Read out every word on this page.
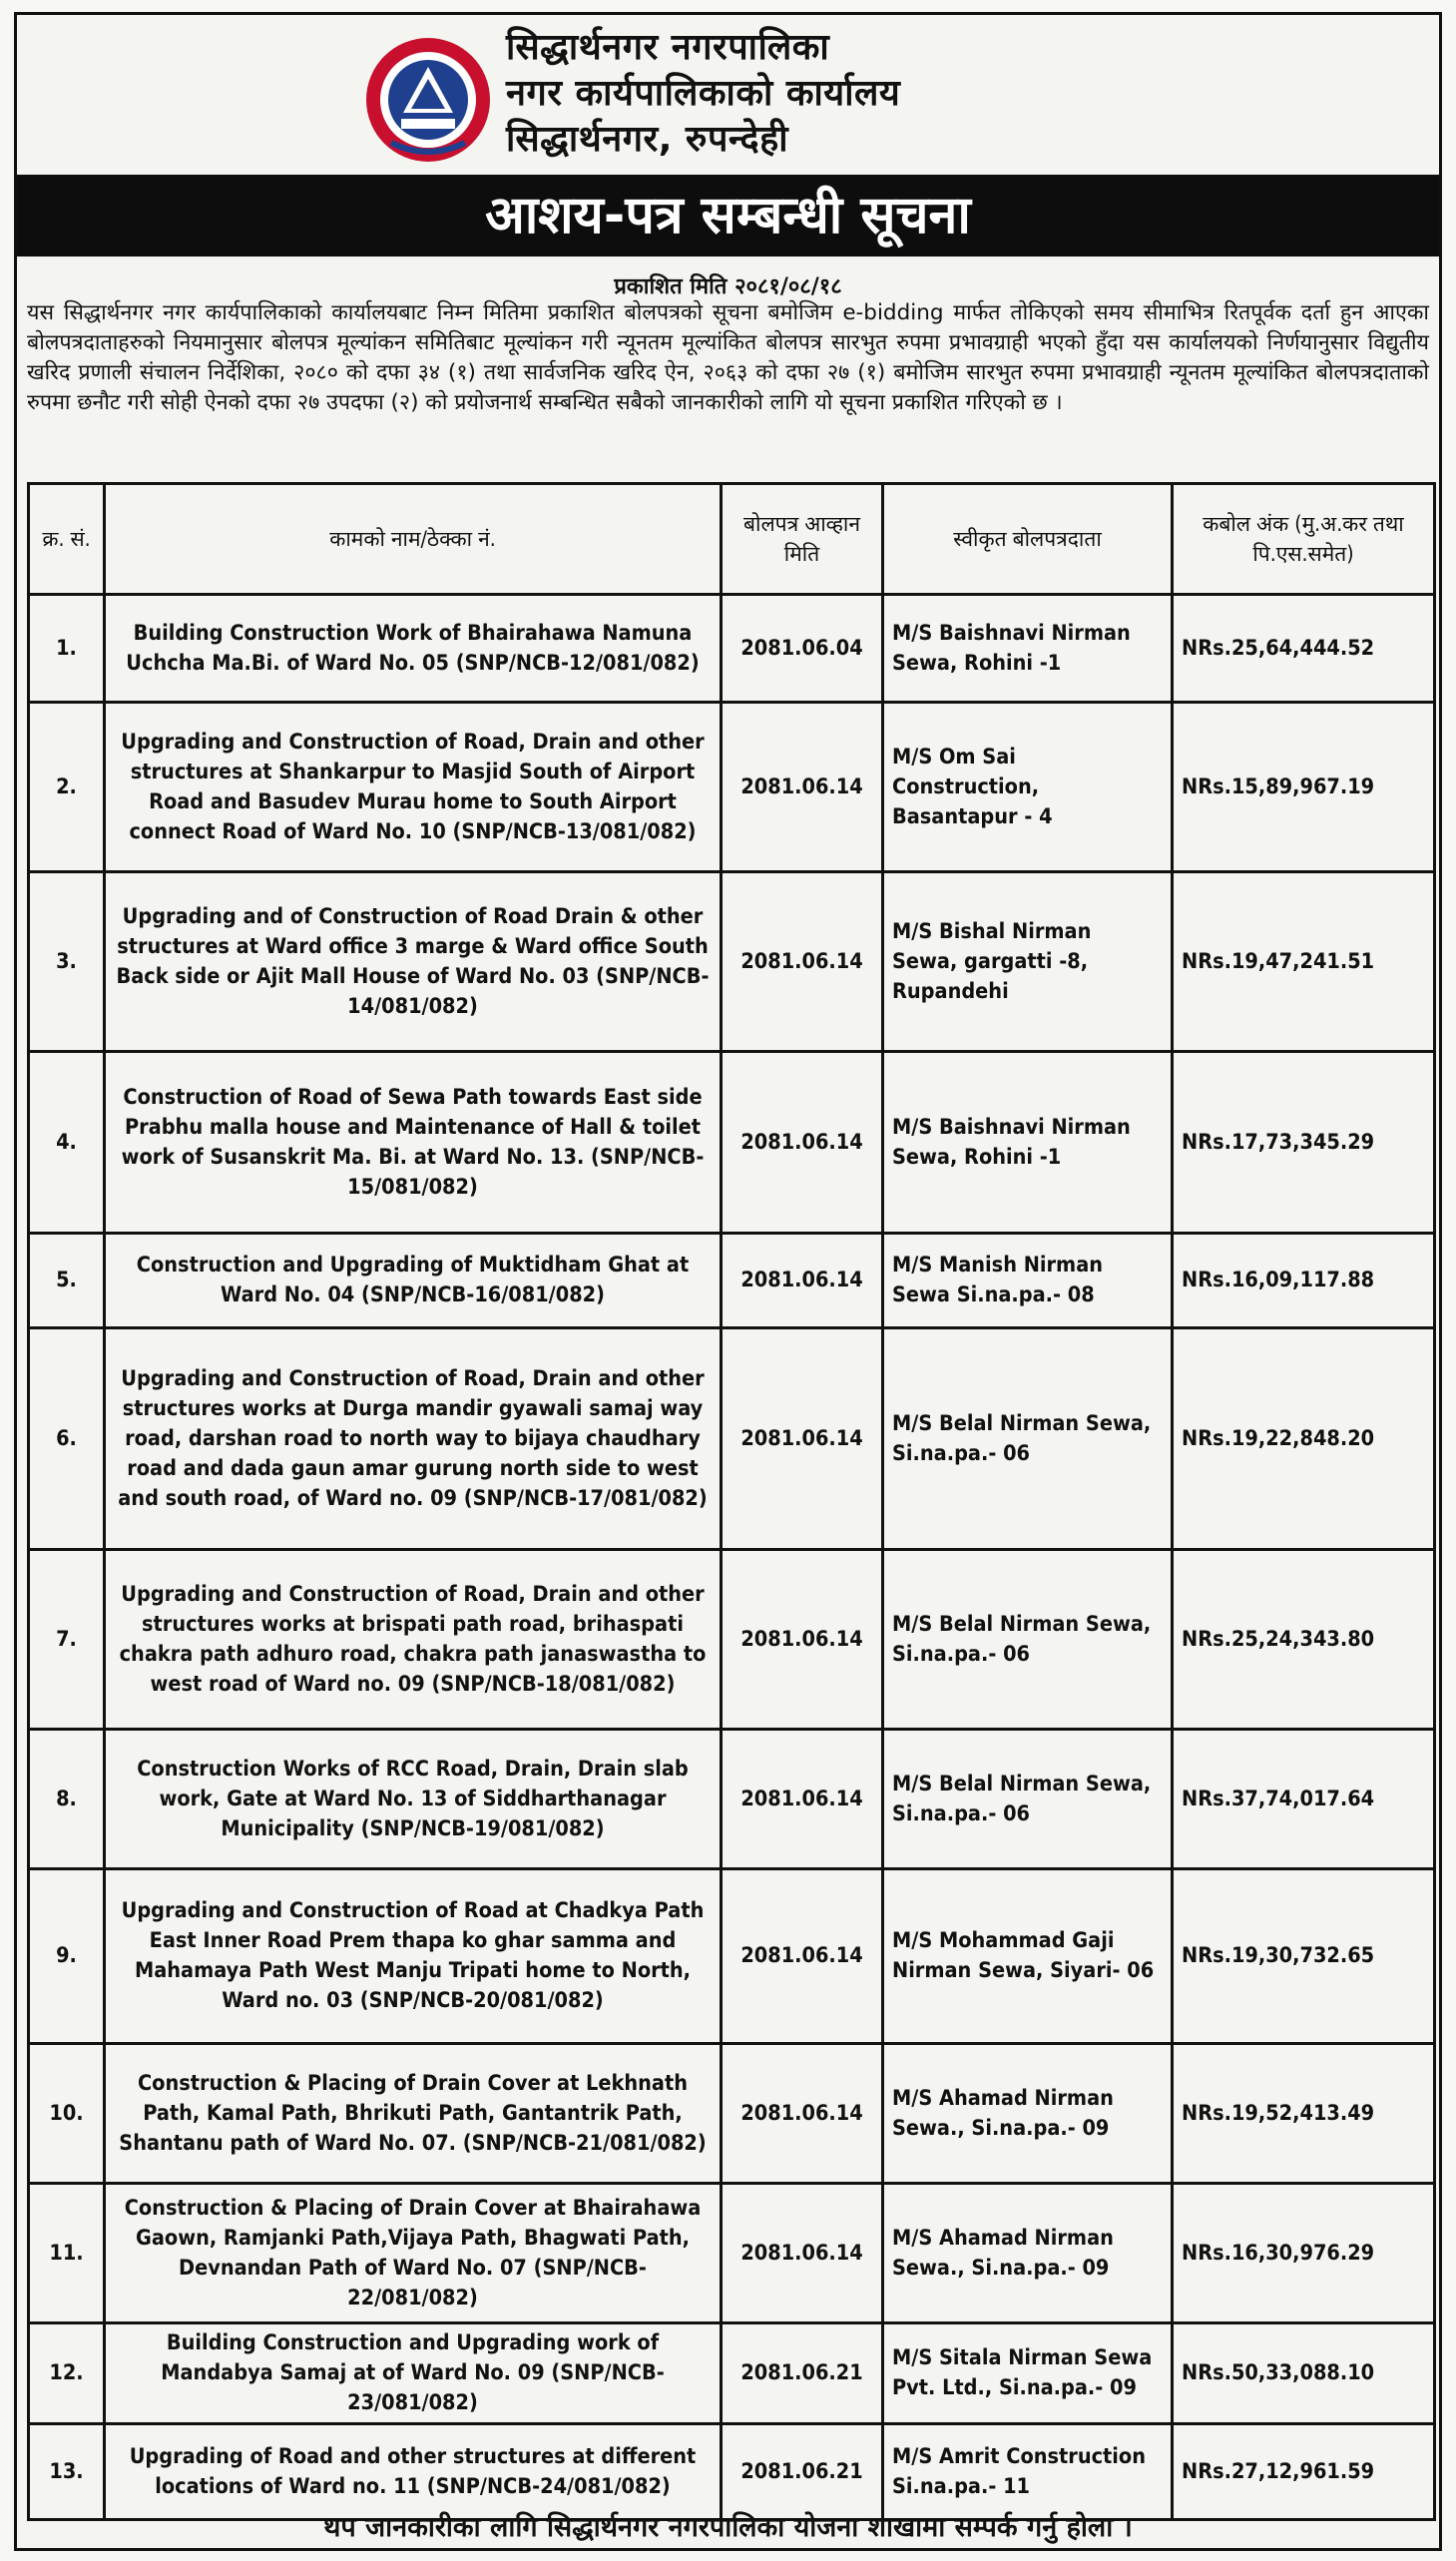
सिद्धार्थनगर नगरपालिका
नगर कार्यपालिकाको कार्यालय
सिद्धार्थनगर, रुपन्देही
आशय-पत्र सम्बन्धी सूचना
प्रकाशित मिति २०८१/०८/१८
यस सिद्धार्थनगर नगर कार्यपालिकाको कार्यालयबाट निम्न मितिमा प्रकाशित बोलपत्रको सूचना बमोजिम e-bidding मार्फत तोकिएको समय सीमाभित्र रितपूर्वक दर्ता हुन आएका बोलपत्रदाताहरुको नियमानुसार बोलपत्र मूल्यांकन समितिबाट मूल्यांकन गरी न्यूनतम मूल्यांकित बोलपत्र सारभुत रुपमा प्रभावग्राही भएको हुँदा यस कार्यालयको निर्णयानुसार विद्युतीय खरिद प्रणाली संचालन निर्देशिका, २०८० को दफा ३४ (१) तथा सार्वजनिक खरिद ऐन, २०६३ को दफा २७ (१) बमोजिम सारभुत रुपमा प्रभावग्राही न्यूनतम मूल्यांकित बोलपत्रदाताको रुपमा छनौट गरी सोही ऐनको दफा २७ उपदफा (२) को प्रयोजनार्थ सम्बन्धित सबैको जानकारीको लागि यो सूचना प्रकाशित गरिएको छ ।
क्र. सं.	कामको नाम/ठेक्का नं.	बोलपत्र आव्हान मिति	स्वीकृत बोलपत्रदाता	कबोल अंक (मु.अ.कर तथा पि.एस.समेत)
1.	Building Construction Work of Bhairahawa Namuna Uchcha Ma.Bi. of Ward No. 05 (SNP/NCB-12/081/082)	2081.06.04	M/S Baishnavi Nirman Sewa, Rohini -1	NRs.25,64,444.52
2.	Upgrading and Construction of Road, Drain and other structures at Shankarpur to Masjid South of Airport Road and Basudev Murau home to South Airport connect Road of Ward No. 10 (SNP/NCB-13/081/082)	2081.06.14	M/S Om Sai Construction, Basantapur - 4	NRs.15,89,967.19
3.	Upgrading and of Construction of Road Drain & other structures at Ward office 3 marge & Ward office South Back side or Ajit Mall House of Ward No. 03 (SNP/NCB-14/081/082)	2081.06.14	M/S Bishal Nirman Sewa, gargatti -8, Rupandehi	NRs.19,47,241.51
4.	Construction of Road of Sewa Path towards East side Prabhu malla house and Maintenance of Hall & toilet work of Susanskrit Ma. Bi. at Ward No. 13. (SNP/NCB-15/081/082)	2081.06.14	M/S Baishnavi Nirman Sewa, Rohini -1	NRs.17,73,345.29
5.	Construction and Upgrading of Muktidham Ghat at Ward No. 04 (SNP/NCB-16/081/082)	2081.06.14	M/S Manish Nirman Sewa Si.na.pa.- 08	NRs.16,09,117.88
6.	Upgrading and Construction of Road, Drain and other structures works at Durga mandir gyawali samaj way road, darshan road to north way to bijaya chaudhary road and dada gaun amar gurung north side to west and south road, of Ward no. 09 (SNP/NCB-17/081/082)	2081.06.14	M/S Belal Nirman Sewa, Si.na.pa.- 06	NRs.19,22,848.20
7.	Upgrading and Construction of Road, Drain and other structures works at brispati path road, brihaspati chakra path adhuro road, chakra path janaswastha to west road of Ward no. 09 (SNP/NCB-18/081/082)	2081.06.14	M/S Belal Nirman Sewa, Si.na.pa.- 06	NRs.25,24,343.80
8.	Construction Works of RCC Road, Drain, Drain slab work, Gate at Ward No. 13 of Siddharthanagar Municipality (SNP/NCB-19/081/082)	2081.06.14	M/S Belal Nirman Sewa, Si.na.pa.- 06	NRs.37,74,017.64
9.	Upgrading and Construction of Road at Chadkya Path East Inner Road Prem thapa ko ghar samma and Mahamaya Path West Manju Tripati home to North, Ward no. 03 (SNP/NCB-20/081/082)	2081.06.14	M/S Mohammad Gaji Nirman Sewa, Siyari- 06	NRs.19,30,732.65
10.	Construction & Placing of Drain Cover at Lekhnath Path, Kamal Path, Bhrikuti Path, Gantantrik Path, Shantanu path of Ward No. 07. (SNP/NCB-21/081/082)	2081.06.14	M/S Ahamad Nirman Sewa., Si.na.pa.- 09	NRs.19,52,413.49
11.	Construction & Placing of Drain Cover at Bhairahawa Gaown, Ramjanki Path,Vijaya Path, Bhagwati Path, Devnandan Path of Ward No. 07 (SNP/NCB-22/081/082)	2081.06.14	M/S Ahamad Nirman Sewa., Si.na.pa.- 09	NRs.16,30,976.29
12.	Building Construction and Upgrading work of Mandabya Samaj at of Ward No. 09 (SNP/NCB-23/081/082)	2081.06.21	M/S Sitala Nirman Sewa Pvt. Ltd., Si.na.pa.- 09	NRs.50,33,088.10
13.	Upgrading of Road and other structures at different locations of Ward no. 11 (SNP/NCB-24/081/082)	2081.06.21	M/S Amrit Construction Si.na.pa.- 11	NRs.27,12,961.59
थप जानकारीका लागि सिद्धार्थनगर नगरपालिका योजना शाखामा सम्पर्क गर्नु होला ।
